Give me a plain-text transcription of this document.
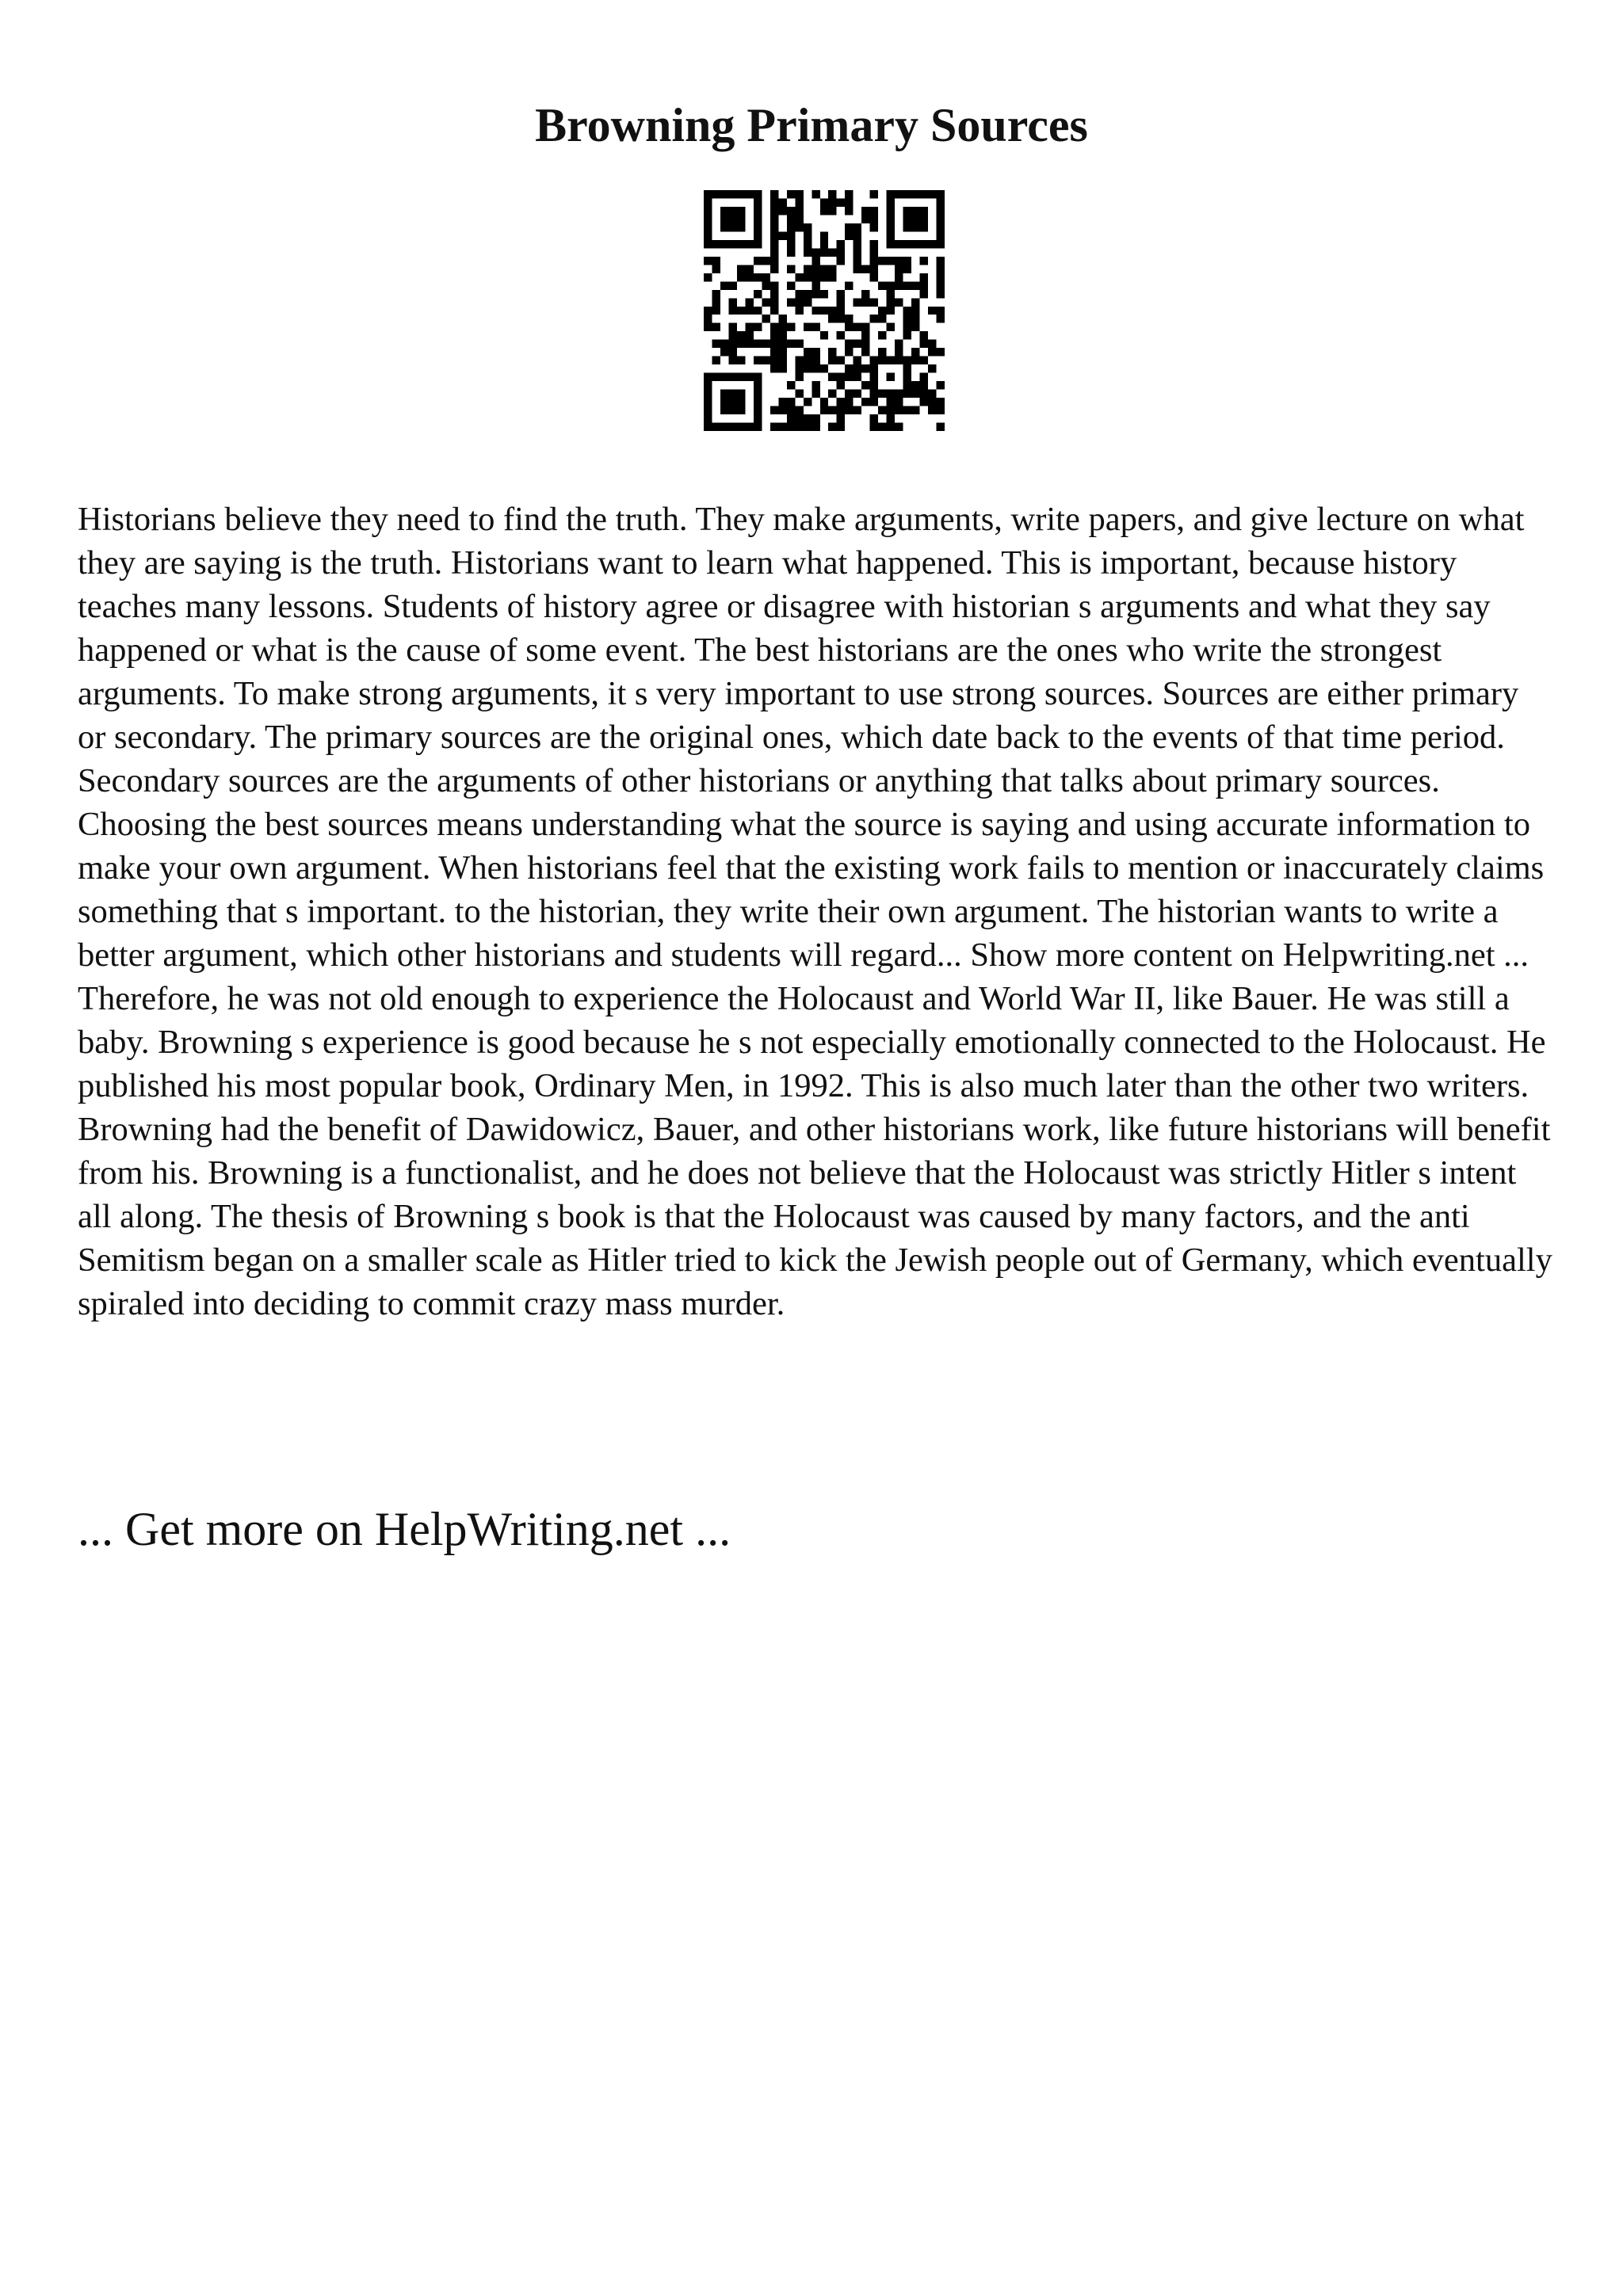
Browning Primary Sources

Historians believe they need to find the truth. They make arguments, write papers, and give lecture on what they are saying is the truth. Historians want to learn what happened. This is important, because history teaches many lessons. Students of history agree or disagree with historian s arguments and what they say happened or what is the cause of some event. The best historians are the ones who write the strongest arguments. To make strong arguments, it s very important to use strong sources. Sources are either primary or secondary. The primary sources are the original ones, which date back to the events of that time period. Secondary sources are the arguments of other historians or anything that talks about primary sources. Choosing the best sources means understanding what the source is saying and using accurate information to make your own argument. When historians feel that the existing work fails to mention or inaccurately claims something that s important. to the historian, they write their own argument. The historian wants to write a better argument, which other historians and students will regard... Show more content on Helpwriting.net ...

Therefore, he was not old enough to experience the Holocaust and World War II, like Bauer. He was still a baby. Browning s experience is good because he s not especially emotionally connected to the Holocaust. He published his most popular book, Ordinary Men, in 1992. This is also much later than the other two writers. Browning had the benefit of Dawidowicz, Bauer, and other historians work, like future historians will benefit from his. Browning is a functionalist, and he does not believe that the Holocaust was strictly Hitler s intent all along. The thesis of Browning s book is that the Holocaust was caused by many factors, and the anti Semitism began on a smaller scale as Hitler tried to kick the Jewish people out of Germany, which eventually spiraled into deciding to commit crazy mass murder.

... Get more on HelpWriting.net ...
